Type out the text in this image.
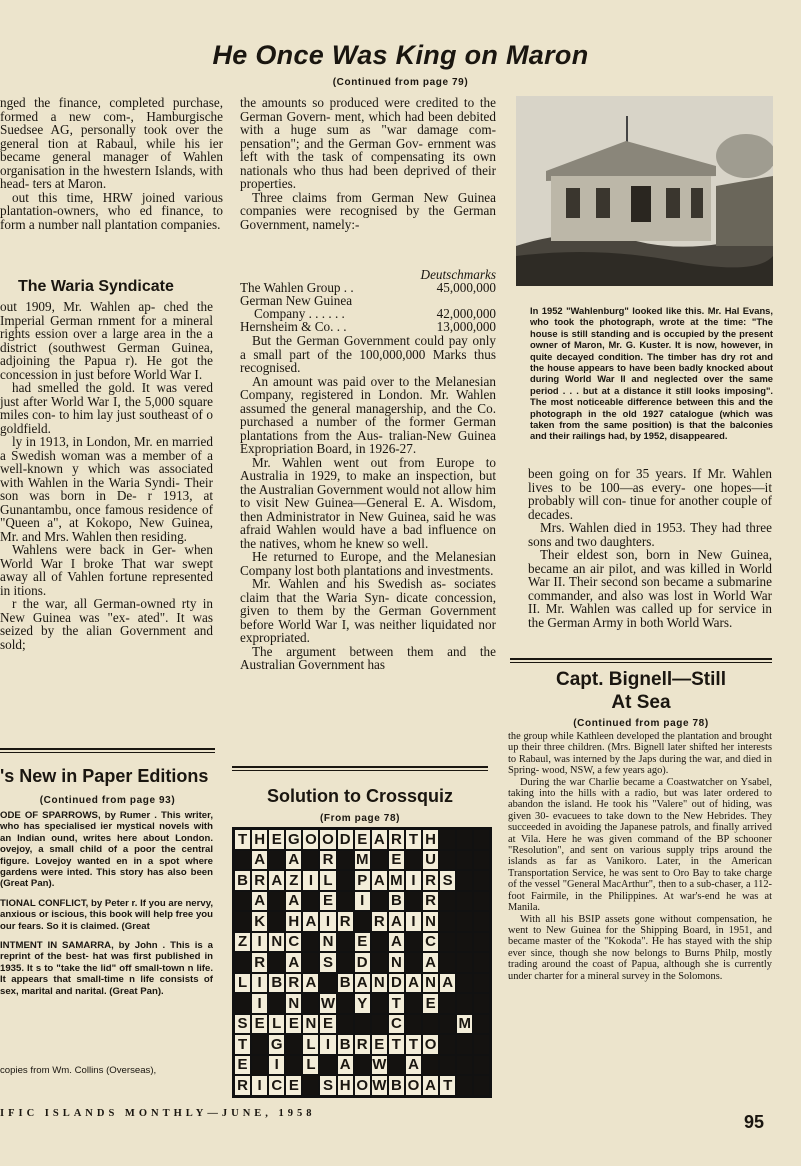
He Once Was King on Maron
(Continued from page 79)

nged the finance, completed purchase, formed a new com-, Hamburgische Suedsee AG, personally took over the general tion at Rabaul, while his ier became general manager of Wahlen organisation in the hwestern Islands, with head- ters at Maron.

out this time, HRW joined various plantation-owners, who ed finance, to form a number nall plantation companies.

The Waria Syndicate

out 1909, Mr. Wahlen ap- ched the Imperial German rnment for a mineral rights ession over a large area in the a district (southwest German Guinea, adjoining the Papua r). He got the concession in just before World War I.

had smelled the gold. It was vered just after World War I, the 5,000 square miles con- to him lay just southeast of o goldfield.

ly in 1913, in London, Mr. en married a Swedish woman was a member of a well-known y which was associated with Wahlen in the Waria Syndi- Their son was born in De- r 1913, at Gunantambu, once famous residence of "Queen a", at Kokopo, New Guinea, Mr. and Mrs. Wahlen then residing.

Wahlens were back in Ger- when World War I broke That war swept away all of Vahlen fortune represented in itions.

r the war, all German-owned rty in New Guinea was "ex- ated". It was seized by the alian Government and sold;

's New in Paper Editions
(Continued from page 93)

ODE OF SPARROWS, by Rumer . This writer, who has specialised ier mystical novels with an Indian ound, writes here about London. ovejoy, a small child of a poor the central figure. Lovejoy wanted en in a spot where gardens were inted. This story has also been (Great Pan).

TIONAL CONFLICT, by Peter r. If you are nervy, anxious or iscious, this book will help free you our fears. So it is claimed. (Great

INTMENT IN SAMARRA, by John . This is a reprint of the best- hat was first published in 1935. It s to "take the lid" off small-town n life. It appears that small-time n life consists of sex, marital and narital. (Great Pan).

copies from Wm. Collins (Overseas),

the amounts so produced were credited to the German Govern- ment, which had been debited with a huge sum as "war damage com- pensation"; and the German Gov- ernment was left with the task of compensating its own nationals who thus had been deprived of their properties.

Three claims from German New Guinea companies were recognised by the German Government, namely:-

Deutschmarks
The Wahlen Group . .	45,000,000
German New Guinea	
Company . . . . . .	42,000,000
Hernsheim & Co. . .	13,000,000

But the German Government could pay only a small part of the 100,000,000 Marks thus recognised.

An amount was paid over to the Melanesian Company, registered in London. Mr. Wahlen assumed the general managership, and the Co. purchased a number of the former German plantations from the Aus- tralian-New Guinea Expropriation Board, in 1926-27.

Mr. Wahlen went out from Europe to Australia in 1929, to make an inspection, but the Australian Government would not allow him to visit New Guinea—General E. A. Wisdom, then Administrator in New Guinea, said he was afraid Wahlen would have a bad influence on the natives, whom he knew so well.

He returned to Europe, and the Melanesian Company lost both plantations and investments.

Mr. Wahlen and his Swedish as- sociates claim that the Waria Syn- dicate concession, given to them by the German Government before World War I, was neither liquidated nor expropriated.

The argument between them and the Australian Government has

Solution to Crossquiz
(From page 78)
T H E G O O D E A R T H
A A R M E U
B R A Z I L P A M I R S
A A E	I	B R
K H A I R R A I N
Z I N C N E A C
R A S D N A
L I B R A B A N D A N A
I	N W Y T E
S E L E N E	C	M
T G L I B R E T T O
E	I	L A W A
R I C E S H O W B O A T
In 1952 "Wahlenburg" looked like this. Mr. Hal Evans, who took the photograph, wrote at the time: "The house is still standing and is occupied by the present owner of Maron, Mr. G. Kuster. It is now, however, in quite decayed condition. The timber has dry rot and the house appears to have been badly knocked about during World War II and neglected over the same period . . . but at a distance it still looks imposing". The most noticeable difference between this and the photograph in the old 1927 catalogue (which was taken from the same position) is that the balconies and their railings had, by 1952, disappeared.

been going on for 35 years. If Mr. Wahlen lives to be 100—as every- one hopes—it probably will con- tinue for another couple of decades.

Mrs. Wahlen died in 1953. They had three sons and two daughters.

Their eldest son, born in New Guinea, became an air pilot, and was killed in World War II. Their second son became a submarine commander, and also was lost in World War II. Mr. Wahlen was called up for service in the German Army in both World Wars.

Capt. Bignell—Still
At Sea
(Continued from page 78)

the group while Kathleen developed the plantation and brought up their three children. (Mrs. Bignell later shifted her interests to Rabaul, was interned by the Japs during the war, and died in Spring- wood, NSW, a few years ago).

During the war Charlie became a Coastwatcher on Ysabel, taking into the hills with a radio, but was later ordered to abandon the island. He took his "Valere" out of hiding, was given 30- evacuees to take down to the New Hebrides. They succeeded in avoiding the Japanese patrols, and finally arrived at Vila. Here he was given command of the BP schooner "Resolution", and sent on various supply trips around the islands as far as Vanikoro. Later, in the American Transportation Service, he was sent to Oro Bay to take charge of the vessel "General MacArthur", then to a sub-chaser, a 112-foot Fairmile, in the Philippines. At war's-end he was at Manila.

With all his BSIP assets gone without compensation, he went to New Guinea for the Shipping Board, in 1951, and became master of the "Kokoda". He has stayed with the ship ever since, though she now belongs to Burns Philp, mostly trading around the coast of Papua, although she is currently under charter for a mineral survey in the Solomons.

IFIC ISLANDS MONTHLY—JUNE, 1958	95
